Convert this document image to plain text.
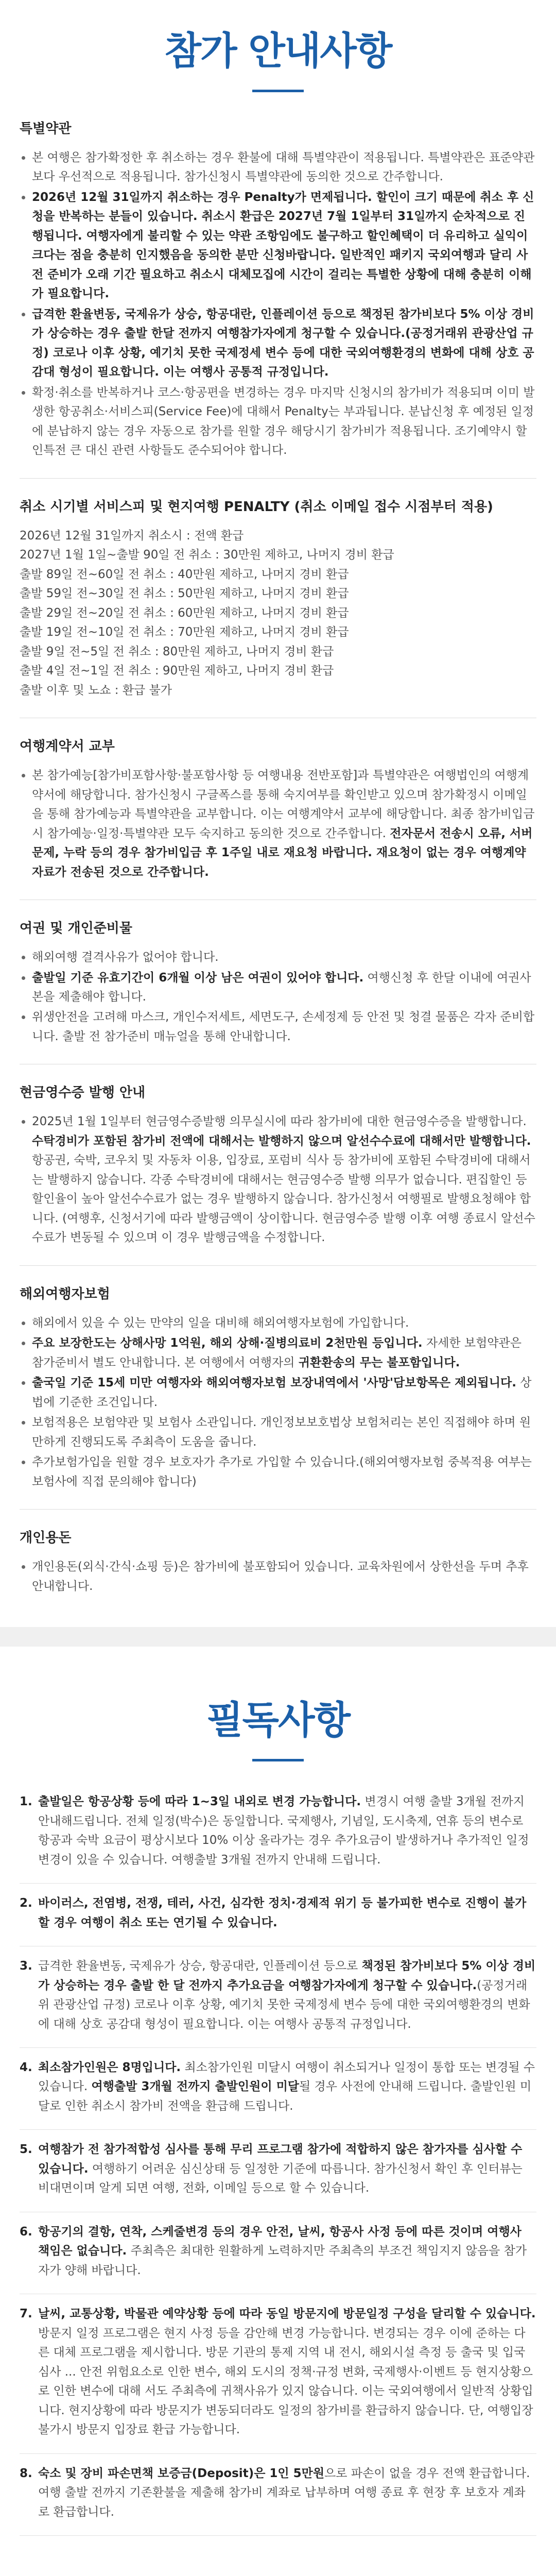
참가 안내사항
특별약관
• 본 여행은 참가확정한 후 취소하는 경우 환불에 대해 특별약관이 적용됩니다. 특별약관은 표준약관보다 우선적으로 적용됩니다. 참가신청시 특별약관에 동의한 것으로 간주합니다.
• 2026년 12월 31일까지 취소하는 경우 Penalty가 면제됩니다. 할인이 크기 때문에 취소 후 신청을 반복하는 분들이 있습니다. 취소시 환급은 2027년 7월 1일부터 31일까지 순차적으로 진행됩니다. 여행자에게 불리할 수 있는 약관 조항임에도 불구하고 할인혜택이 더 유리하고 실익이 크다는 점을 충분히 인지했음을 동의한 분만 신청바랍니다. 일반적인 패키지 국외여행과 달리 사전 준비가 오래 기간 필요하고 취소시 대체모집에 시간이 걸리는 특별한 상황에 대해 충분히 이해가 필요합니다.
• 급격한 환율변동, 국제유가 상승, 항공대란, 인플레이션 등으로 책정된 참가비보다 5% 이상 경비가 상승하는 경우 출발 한달 전까지 여행참가자에게 청구할 수 있습니다.(공정거래위 관광산업 규정) 코로나 이후 상황, 예기치 못한 국제정세 변수 등에 대한 국외여행환경의 변화에 대해 상호 공감대 형성이 필요합니다. 이는 여행사 공통적 규정입니다.
• 확정·취소를 반복하거나 코스·항공편을 변경하는 경우 마지막 신청시의 참가비가 적용되며 이미 발생한 항공취소·서비스피(Service Fee)에 대해서 Penalty는 부과됩니다. 분납신청 후 예정된 일정에 분납하지 않는 경우 자동으로 참가를 원할 경우 해당시기 참가비가 적용됩니다. 조기예약시 할인특전 큰 대신 관련 사항들도 준수되어야 합니다.
취소 시기별 서비스피 및 현지여행 PENALTY (취소 이메일 접수 시점부터 적용)

2026년 12월 31일까지 취소시 : 전액 환급

2027년 1월 1일~출발 90일 전 취소 : 30만원 제하고, 나머지 경비 환급

출발 89일 전~60일 전 취소 : 40만원 제하고, 나머지 경비 환급

출발 59일 전~30일 전 취소 : 50만원 제하고, 나머지 경비 환급

출발 29일 전~20일 전 취소 : 60만원 제하고, 나머지 경비 환급

출발 19일 전~10일 전 취소 : 70만원 제하고, 나머지 경비 환급

출발 9일 전~5일 전 취소 : 80만원 제하고, 나머지 경비 환급

출발 4일 전~1일 전 취소 : 90만원 제하고, 나머지 경비 환급

출발 이후 및 노쇼 : 환급 불가

여행계약서 교부
• 본 참가예능[참가비포함사항·불포함사항 등 여행내용 전반포함]과 특별약관은 여행법인의 여행계약서에 해당합니다. 참가신청시 구글폭스를 통해 숙지여부를 확인받고 있으며 참가확정시 이메일을 통해 참가예능과 특별약관을 교부합니다. 이는 여행계약서 교부에 해당합니다. 최종 참가비입금시 참가예능·일정·특별약관 모두 숙지하고 동의한 것으로 간주합니다. 전자문서 전송시 오류, 서버문제, 누락 등의 경우 참가비입금 후 1주일 내로 재요청 바랍니다. 재요청이 없는 경우 여행계약 자료가 전송된 것으로 간주합니다.
여권 및 개인준비물
• 해외여행 결격사유가 없어야 합니다.
• 출발일 기준 유효기간이 6개월 이상 남은 여권이 있어야 합니다. 여행신청 후 한달 이내에 여권사본을 제출해야 합니다.
• 위생안전을 고려해 마스크, 개인수저세트, 세면도구, 손세정제 등 안전 및 청결 물품은 각자 준비합니다. 출발 전 참가준비 매뉴얼을 통해 안내합니다.
현금영수증 발행 안내
• 2025년 1월 1일부터 현금영수증발행 의무실시에 따라 참가비에 대한 현금영수증을 발행합니다. 수탁경비가 포함된 참가비 전액에 대해서는 발행하지 않으며 알선수수료에 대해서만 발행합니다. 항공권, 숙박, 코우치 및 자동차 이용, 입장료, 포럼비 식사 등 참가비에 포함된 수탁경비에 대해서는 발행하지 않습니다. 각종 수탁경비에 대해서는 현금영수증 발행 의무가 없습니다. 편집할인 등 할인율이 높아 알선수수료가 없는 경우 발행하지 않습니다. 참가신청서 여행필로 발행요청해야 합니다. (여행후, 신청서기에 따라 발행금액이 상이합니다. 현금영수증 발행 이후 여행 종료시 알선수수료가 변동될 수 있으며 이 경우 발행금액을 수정합니다.
해외여행자보험
• 해외에서 있을 수 있는 만약의 일을 대비해 해외여행자보험에 가입합니다.
• 주요 보장한도는 상해사망 1억원, 해외 상해·질병의료비 2천만원 등입니다. 자세한 보험약관은 참가준비서 별도 안내합니다. 본 여행에서 여행자의 귀환환송의 무는 불포함입니다.
• 출국일 기준 15세 미만 여행자와 해외여행자보험 보장내역에서 '사망'담보항목은 제외됩니다. 상법에 기준한 조건입니다.
• 보험적용은 보험약관 및 보험사 소관입니다. 개인정보보호법상 보험처리는 본인 직접해야 하며 원만하게 진행되도록 주최측이 도움을 줍니다.
• 추가보험가입을 원할 경우 보호자가 추가로 가입할 수 있습니다.(해외여행자보험 중복적용 여부는 보험사에 직접 문의해야 합니다)
개인용돈
• 개인용돈(외식·간식·쇼핑 등)은 참가비에 불포함되어 있습니다. 교육차원에서 상한선을 두며 추후 안내합니다.
필독사항
1. 출발일은 항공상황 등에 따라 1~3일 내외로 변경 가능합니다. 변경시 여행 출발 3개월 전까지 안내해드립니다. 전체 일정(박수)은 동일합니다. 국제행사, 기념일, 도시축제, 연휴 등의 변수로 항공과 숙박 요금이 평상시보다 10% 이상 올라가는 경우 추가요금이 발생하거나 추가적인 일정변경이 있을 수 있습니다. 여행출발 3개월 전까지 안내해 드립니다.
2. 바이러스, 전염병, 전쟁, 테러, 사건, 심각한 정치·경제적 위기 등 불가피한 변수로 진행이 불가할 경우 여행이 취소 또는 연기될 수 있습니다.
3. 급격한 환율변동, 국제유가 상승, 항공대란, 인플레이션 등으로 책정된 참가비보다 5% 이상 경비가 상승하는 경우 출발 한 달 전까지 추가요금을 여행참가자에게 청구할 수 있습니다.(공정거래위 관광산업 규정) 코로나 이후 상황, 예기치 못한 국제정세 변수 등에 대한 국외여행환경의 변화에 대해 상호 공감대 형성이 필요합니다. 이는 여행사 공통적 규정입니다.
4. 최소참가인원은 8명입니다. 최소참가인원 미달시 여행이 취소되거나 일정이 통합 또는 변경될 수 있습니다. 여행출발 3개월 전까지 출발인원이 미달될 경우 사전에 안내해 드립니다. 출발인원 미달로 인한 취소시 참가비 전액을 환급해 드립니다.
5. 여행참가 전 참가적합성 심사를 통해 무리 프로그램 참가에 적합하지 않은 참가자를 심사할 수 있습니다. 여행하기 어려운 심신상태 등 일정한 기준에 따릅니다. 참가신청서 확인 후 인터뷰는 비대면이며 알게 되면 여행, 전화, 이메일 등으로 할 수 있습니다.
6. 항공기의 결항, 연착, 스케줄변경 등의 경우 안전, 날씨, 항공사 사정 등에 따른 것이며 여행사 책임은 없습니다. 주최측은 최대한 원활하게 노력하지만 주최측의 부조건 책임지지 않음을 참가자가 양해 바랍니다.
7. 날씨, 교통상황, 박물관 예약상황 등에 따라 동일 방문지에 방문일정 구성을 달리할 수 있습니다. 방문지 일정 프로그램은 현지 사정 등을 감안해 변경 가능합니다. 변경되는 경우 이에 준하는 다른 대체 프로그램을 제시합니다. 방문 기관의 통제 지역 내 전시, 해외시설 측정 등 출국 및 입국 심사 ... 안전 위험요소로 인한 변수, 해외 도시의 정책·규정 변화, 국제행사·이벤트 등 현지상황으로 인한 변수에 대해 서도 주최측에 귀책사유가 있지 않습니다. 이는 국외여행에서 일반적 상황입니다. 현지상황에 따라 방문지가 변동되더라도 일정의 참가비를 환급하지 않습니다. 단, 여행입장 불가시 방문지 입장료 환급 가능합니다.
8. 숙소 및 장비 파손면책 보증금(Deposit)은 1인 5만원으로 파손이 없을 경우 전액 환급합니다. 여행 출발 전까지 기존환불을 제출해 참가비 계좌로 납부하며 여행 종료 후 현장 후 보호자 계좌로 환급합니다.
